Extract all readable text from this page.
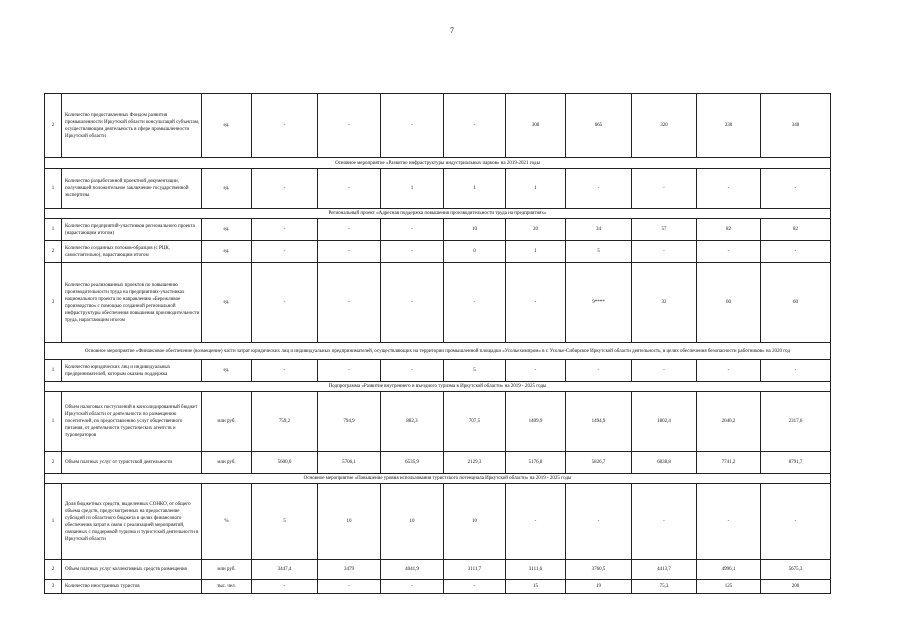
7
2	Количество предоставленных Фондом развития промышленности Иркутской области консультаций субъектам, осуществляющим деятельность в сфере промышленности Иркутской области	ед.	-	-	-	-	300	665	320	330	340
Основное мероприятие «Развитие инфраструктуры индустриальных парков» на 2019-2021 годы											
1	Количество разработанной проектной документации, получившей положительное заключение государственной экспертизы	ед.	-	-	1	1	1	-	-	-	-
Региональный проект «Адресная поддержка повышения производительности труда на предприятиях»											
1	Количество предприятий-участников регионального проекта (нарастающим итогом)	ед.	-	-	-	10	20	34	57	82	82
2	Количество созданных потоков-образцов (с РЦК, самостоятельно), нарастающим итогом	ед.	-	-	-	0	1	5	-	-	-
3	Количество реализованных проектов по повышению производительности труда на предприятиях-участниках национального проекта по направлению «Бережливое производство» с помощью созданной региональной инфраструктуры обеспечения повышения производительности труда, нарастающим итогом	ед.	-	-	-	-	-	9****	32	60	60
Основное мероприятие «Финансовое обеспечение (возмещение) части затрат юридических лиц и индивидуальных предпринимателей, осуществляющих на территории промышленной площадки «Усольехимпром» в г. Усолье-Сибирское Иркутской области деятельность, в целях обеспечения безопасности работников» на 2020 год											
1	Количество юридических лиц и индивидуальных предпринимателей, которым оказана поддержка	ед.	-	-	-	5	-	-	-	-	-
Подпрограмма «Развитие внутреннего и въездного туризма в Иркутской области» на 2019 - 2025 годы											
1	Объем налоговых поступлений в консолидированный бюджет Иркутской области от деятельности по размещению посетителей, по предоставлению услуг общественного питания, от деятельности туристических агентств и туроператоров	млн руб.	759,2	794,9	882,3	707,5	1409,9	1494,9	1802,4	2040,2	2317,6
2	Объем платных услуг от туристской деятельности	млн руб.	5600,6	5706,1	6535,9	2129,3	5176,8	5826,7	6838,8	7741,2	8791,7
Основное мероприятие «Повышение уровня использования туристского потенциала Иркутской области» на 2019 - 2025 годы											
1	Доля бюджетных средств, выделенных СОНКО, от общего объема средств, предусмотренных на предоставление субсидий из областного бюджета в целях финансового обеспечения затрат в связи с реализацией мероприятий, связанных с поддержкой туризма и туристской деятельности в Иркутской области	%	5	10	10	10	-	-	-	-	-
2	Объем платных услуг коллективных средств размещения	млн руб.	3447,4	3479	4041,9	3111,7	3111,6	3760,5	4413,7	4996,1	5675,3
3	Количество иностранных туристов	тыс. чел.	-	-	-	-	15	19	75,3	125	200
